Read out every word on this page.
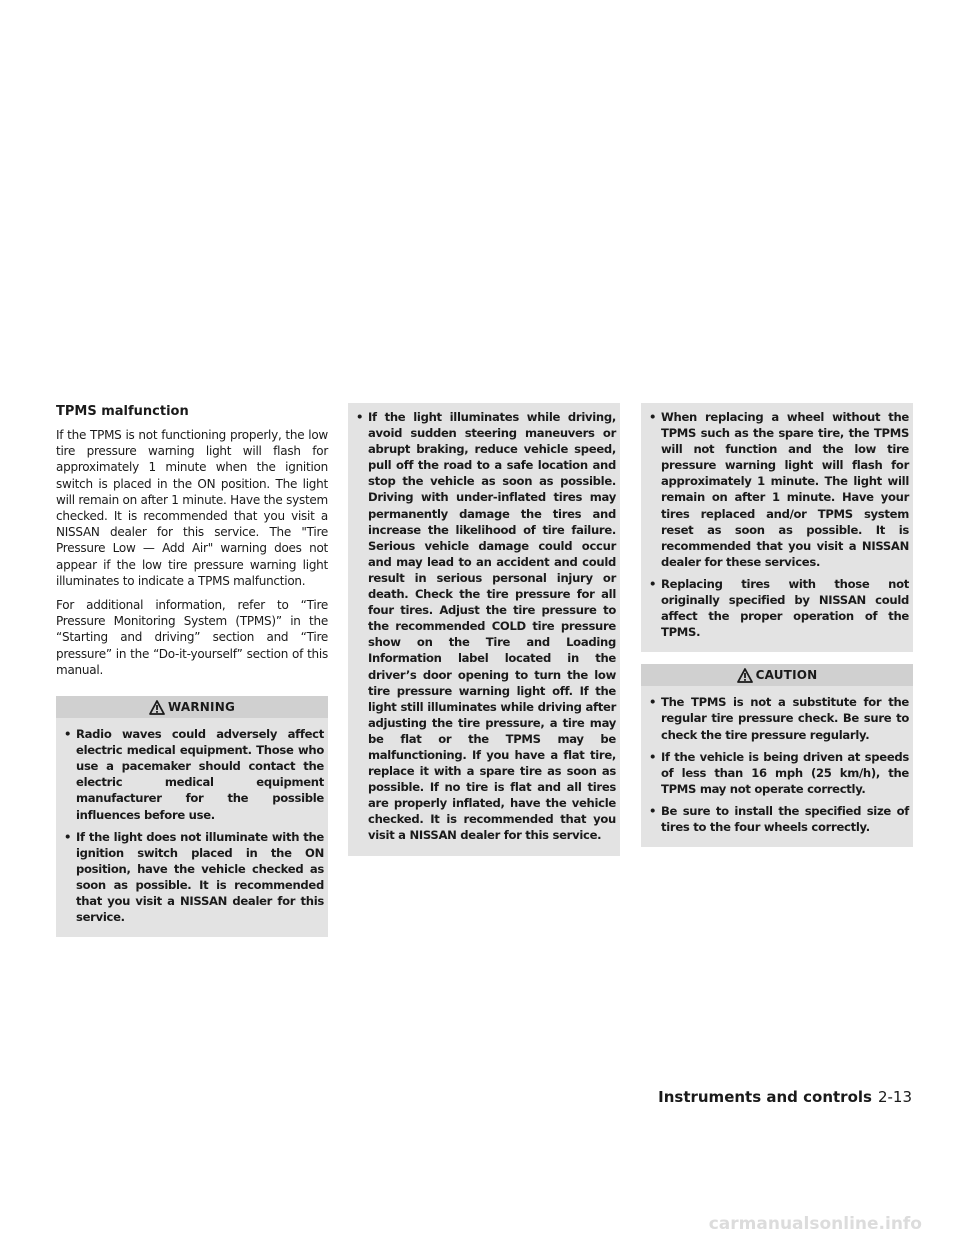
TPMS malfunction

If the TPMS is not functioning properly, the low tire pressure warning light will flash for approximately 1 minute when the ignition switch is placed in the ON position. The light will remain on after 1 minute. Have the system checked. It is recommended that you visit a NISSAN dealer for this service. The "Tire Pressure Low — Add Air" warning does not appear if the low tire pressure warning light illuminates to indicate a TPMS malfunction.

For additional information, refer to “Tire Pressure Monitoring System (TPMS)” in the “Starting and driving” section and “Tire pressure” in the “Do-it-yourself” section of this manual.

WARNING
• Radio waves could adversely affect electric medical equipment. Those who use a pacemaker should contact the electric medical equipment manufacturer for the possible influences before use.
• If the light does not illuminate with the ignition switch placed in the ON position, have the vehicle checked as soon as possible. It is recommended that you visit a NISSAN dealer for this service.
• If the light illuminates while driving, avoid sudden steering maneuvers or abrupt braking, reduce vehicle speed, pull off the road to a safe location and stop the vehicle as soon as possible. Driving with under-inflated tires may permanently damage the tires and increase the likelihood of tire failure. Serious vehicle damage could occur and may lead to an accident and could result in serious personal injury or death. Check the tire pressure for all four tires. Adjust the tire pressure to the recommended COLD tire pressure show on the Tire and Loading Information label located in the driver’s door opening to turn the low tire pressure warning light off. If the light still illuminates while driving after adjusting the tire pressure, a tire may be flat or the TPMS may be malfunctioning. If you have a flat tire, replace it with a spare tire as soon as possible. If no tire is flat and all tires are properly inflated, have the vehicle checked. It is recommended that you visit a NISSAN dealer for this service.
• When replacing a wheel without the TPMS such as the spare tire, the TPMS will not function and the low tire pressure warning light will flash for approximately 1 minute. The light will remain on after 1 minute. Have your tires replaced and/or TPMS system reset as soon as possible. It is recommended that you visit a NISSAN dealer for these services.
• Replacing tires with those not originally specified by NISSAN could affect the proper operation of the TPMS.
CAUTION
• The TPMS is not a substitute for the regular tire pressure check. Be sure to check the tire pressure regularly.
• If the vehicle is being driven at speeds of less than 16 mph (25 km/h), the TPMS may not operate correctly.
• Be sure to install the specified size of tires to the four wheels correctly.
Instruments and controls 2-13
carmanualsonline.info
